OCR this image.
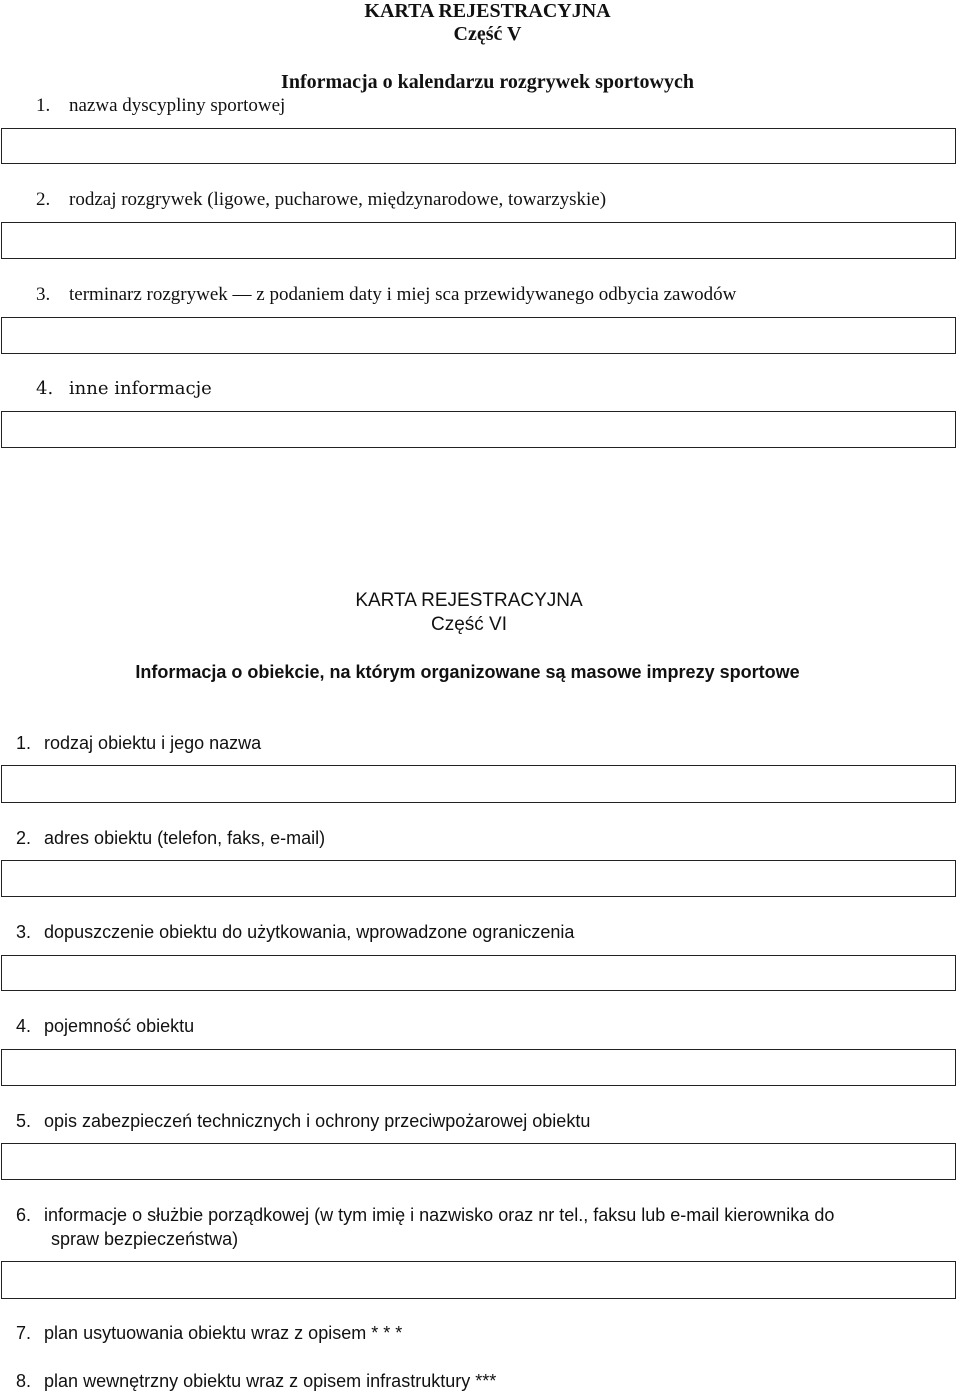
KARTA REJESTRACYJNA
Część V
Informacja o kalendarzu rozgrywek sportowych
1. nazwa dyscypliny sportowej
2. rodzaj rozgrywek (ligowe, pucharowe, międzynarodowe, towarzyskie)
3. terminarz rozgrywek — z podaniem daty i miej sca przewidywanego odbycia zawodów
4. inne informacje
KARTA REJESTRACYJNA
Część VI
Informacja o obiekcie, na którym organizowane są masowe imprezy sportowe
1. rodzaj obiektu i jego nazwa
2. adres obiektu (telefon, faks, e-mail)
3. dopuszczenie obiektu do użytkowania, wprowadzone ograniczenia
4. pojemność obiektu
5. opis zabezpieczeń technicznych i ochrony przeciwpożarowej obiektu
6. informacje o służbie porządkowej (w tym imię i nazwisko oraz nr tel., faksu lub e-mail kierownika do
spraw bezpieczeństwa)
7. plan usytuowania obiektu wraz z opisem * * *
8. plan wewnętrzny obiektu wraz z opisem infrastruktury ***
